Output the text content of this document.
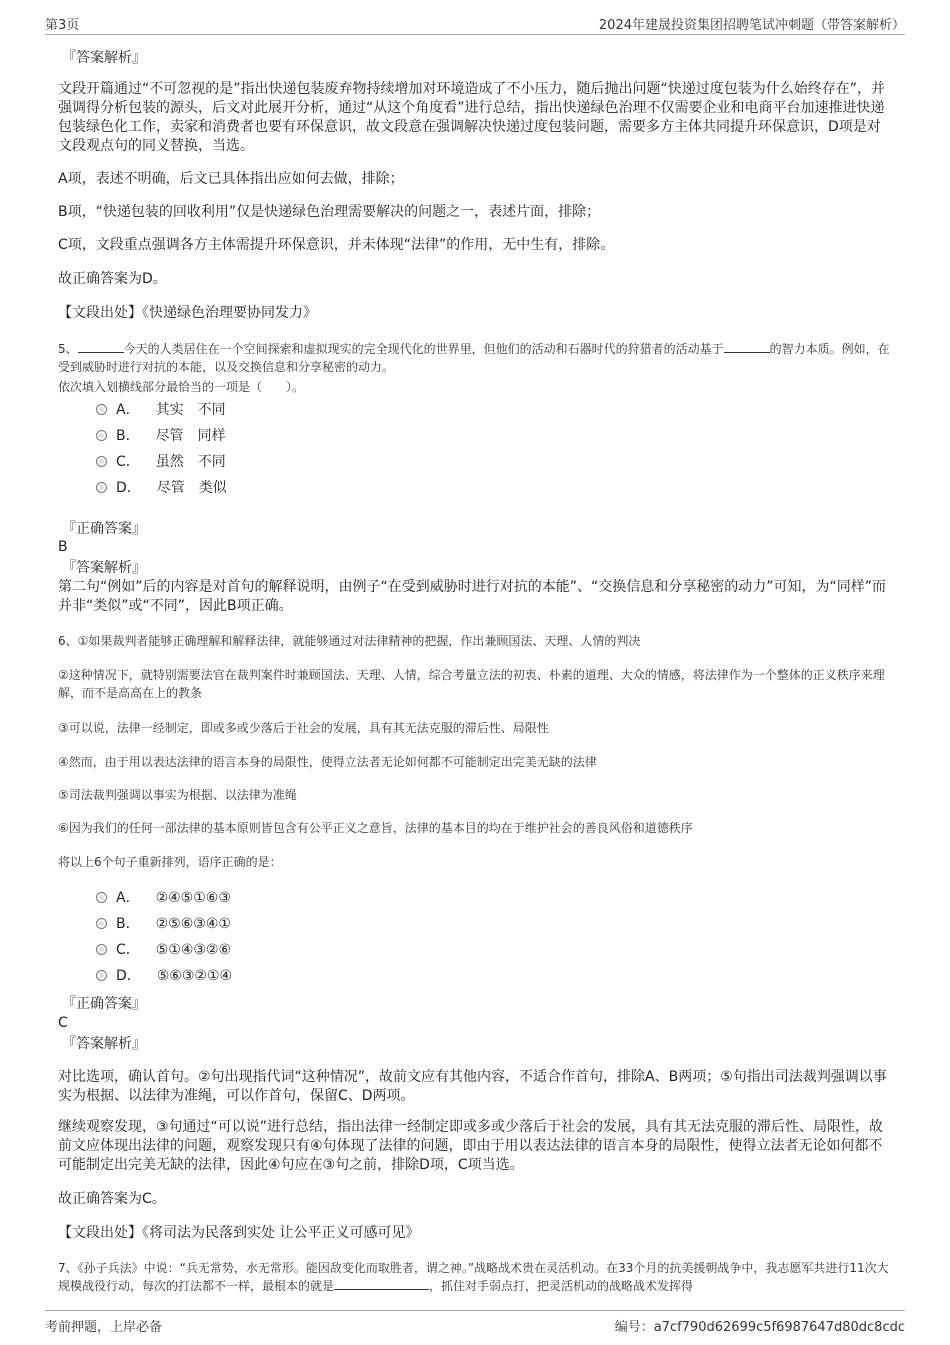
第3页	2024年建晟投资集团招聘笔试冲刺题（带答案解析）
『答案解析』
文段开篇通过“不可忽视的是”指出快递包装废弃物持续增加对环境造成了不小压力，随后抛出问题“快递过度包装为什么始终存在”，并强调得分析包装的源头，后文对此展开分析，通过“从这个角度看”进行总结，指出快递绿色治理不仅需要企业和电商平台加速推进快递包装绿色化工作，卖家和消费者也要有环保意识，故文段意在强调解决快递过度包装问题，需要多方主体共同提升环保意识，D项是对文段观点句的同义替换，当选。
A项，表述不明确，后文已具体指出应如何去做，排除；
B项，“快递包装的回收利用”仅是快递绿色治理需要解决的问题之一，表述片面，排除；
C项，文段重点强调各方主体需提升环保意识，并未体现“法律”的作用，无中生有，排除。
故正确答案为D。
【文段出处】《快递绿色治理要协同发力》
5、	今天的人类居住在一个空间探索和虚拟现实的完全现代化的世界里，但他们的活动和石器时代的狩猎者的活动基于	的智力本质。例如，在受到威胁时进行对抗的本能，以及交换信息和分享秘密的动力。
依次填入划横线部分最恰当的一项是（　　）。
A． 其实　不同
B． 尽管　同样
C． 虽然　不同
D． 尽管　类似
『正确答案』
B
『答案解析』
第二句“例如”后的内容是对首句的解释说明，由例子“在受到威胁时进行对抗的本能”、“交换信息和分享秘密的动力”可知，为“同样”而并非“类似”或“不同”，因此B项正确。
6、①如果裁判者能够正确理解和解释法律，就能够通过对法律精神的把握，作出兼顾国法、天理、人情的判决
②这种情况下，就特别需要法官在裁判案件时兼顾国法、天理、人情，综合考量立法的初衷、朴素的道理、大众的情感，将法律作为一个整体的正义秩序来理解，而不是高高在上的教条
③可以说，法律一经制定，即或多或少落后于社会的发展，具有其无法克服的滞后性、局限性
④然而，由于用以表达法律的语言本身的局限性，使得立法者无论如何都不可能制定出完美无缺的法律
⑤司法裁判强调以事实为根据、以法律为准绳
⑥因为我们的任何一部法律的基本原则皆包含有公平正义之意旨，法律的基本目的均在于维护社会的善良风俗和道德秩序
将以上6个句子重新排列，语序正确的是：
A． ②④⑤①⑥③
B． ②⑤⑥③④①
C． ⑤①④③②⑥
D． ⑤⑥③②①④
『正确答案』
C
『答案解析』
对比选项，确认首句。②句出现指代词“这种情况”，故前文应有其他内容，不适合作首句，排除A、B两项；⑤句指出司法裁判强调以事实为根据、以法律为准绳，可以作首句，保留C、D两项。
继续观察发现，③句通过“可以说”进行总结，指出法律一经制定即或多或少落后于社会的发展，具有其无法克服的滞后性、局限性，故前文应体现出法律的问题，观察发现只有④句体现了法律的问题，即由于用以表达法律的语言本身的局限性，使得立法者无论如何都不可能制定出完美无缺的法律，因此④句应在③句之前，排除D项，C项当选。
故正确答案为C。
【文段出处】《将司法为民落到实处 让公平正义可感可见》
7、《孙子兵法》中说：“兵无常势，水无常形。能因敌变化而取胜者，谓之神。”战略战术贵在灵活机动。在33个月的抗美援朝战争中，我志愿军共进行11次大规模战役行动，每次的打法都不一样，最根本的就是	，抓住对手弱点打，把灵活机动的战略战术发挥得
考前押题，上岸必备	编号：a7cf790d62699c5f6987647d80dc8cdc
